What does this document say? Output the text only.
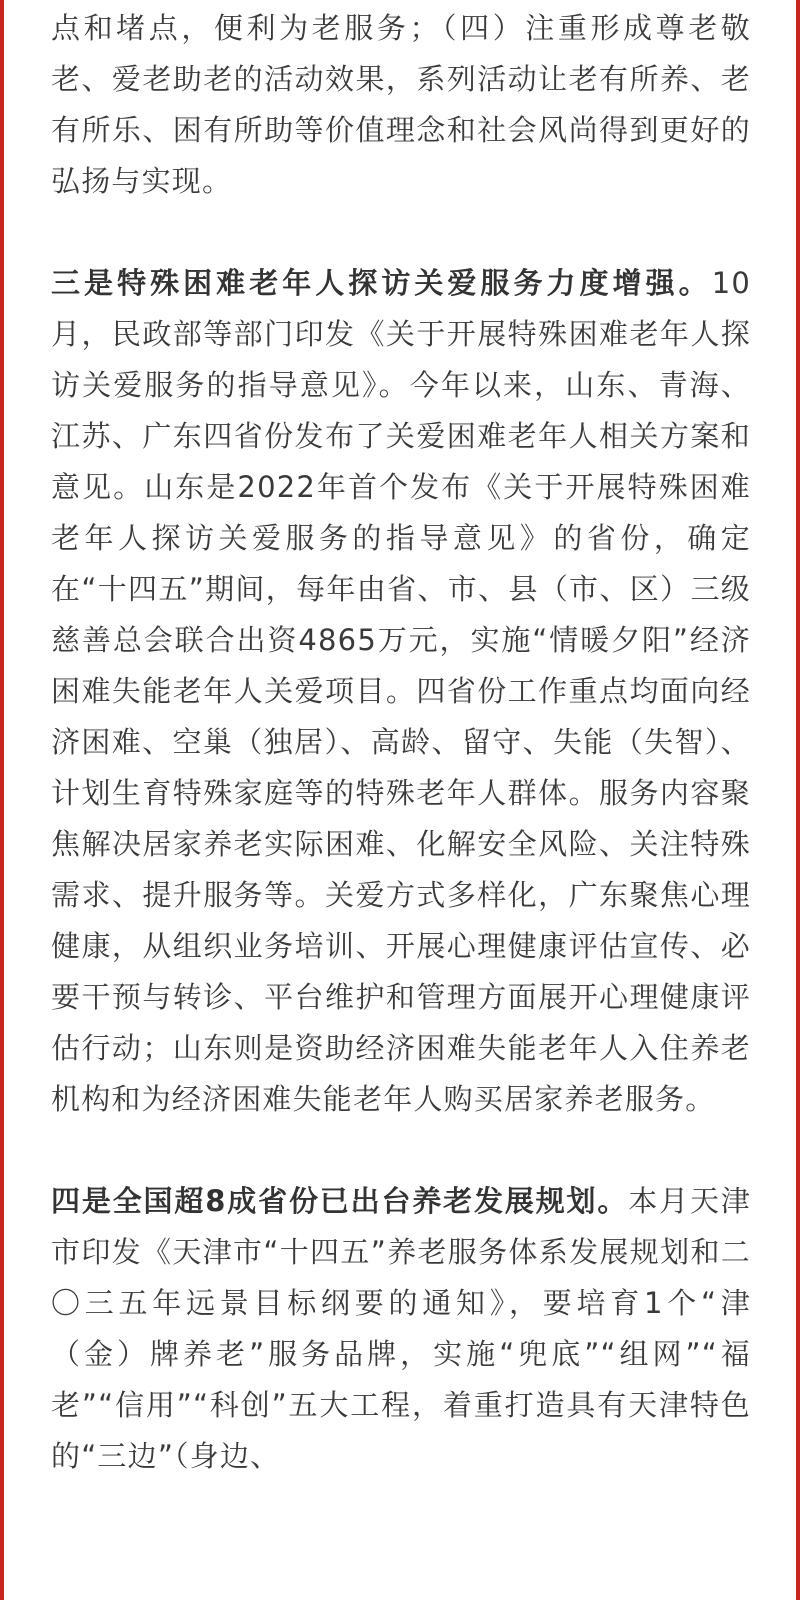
点和堵点，便利为老服务；（四）注重形成尊老敬老、爱老助老的活动效果，系列活动让老有所养、老有所乐、困有所助等价值理念和社会风尚得到更好的弘扬与实现。

三是特殊困难老年人探访关爱服务力度增强。10月，民政部等部门印发《关于开展特殊困难老年人探访关爱服务的指导意见》。今年以来，山东、青海、江苏、广东四省份发布了关爱困难老年人相关方案和意见。山东是2022年首个发布《关于开展特殊困难老年人探访关爱服务的指导意见》的省份，确定在“十四五”期间，每年由省、市、县（市、区）三级慈善总会联合出资4865万元，实施“情暖夕阳”经济困难失能老年人关爱项目。四省份工作重点均面向经济困难、空巢（独居）、高龄、留守、失能（失智）、计划生育特殊家庭等的特殊老年人群体。服务内容聚焦解决居家养老实际困难、化解安全风险、关注特殊需求、提升服务等。关爱方式多样化，广东聚焦心理健康，从组织业务培训、开展心理健康评估宣传、必要干预与转诊、平台维护和管理方面展开心理健康评估行动；山东则是资助经济困难失能老年人入住养老机构和为经济困难失能老年人购买居家养老服务。

四是全国超8成省份已出台养老发展规划。本月天津市印发《天津市“十四五”养老服务体系发展规划和二〇三五年远景目标纲要的通知》，要培育1个“津（金）牌养老”服务品牌，实施“兜底”“组网”“福老”“信用”“科创”五大工程，着重打造具有天津特色的“三边”（身边、
